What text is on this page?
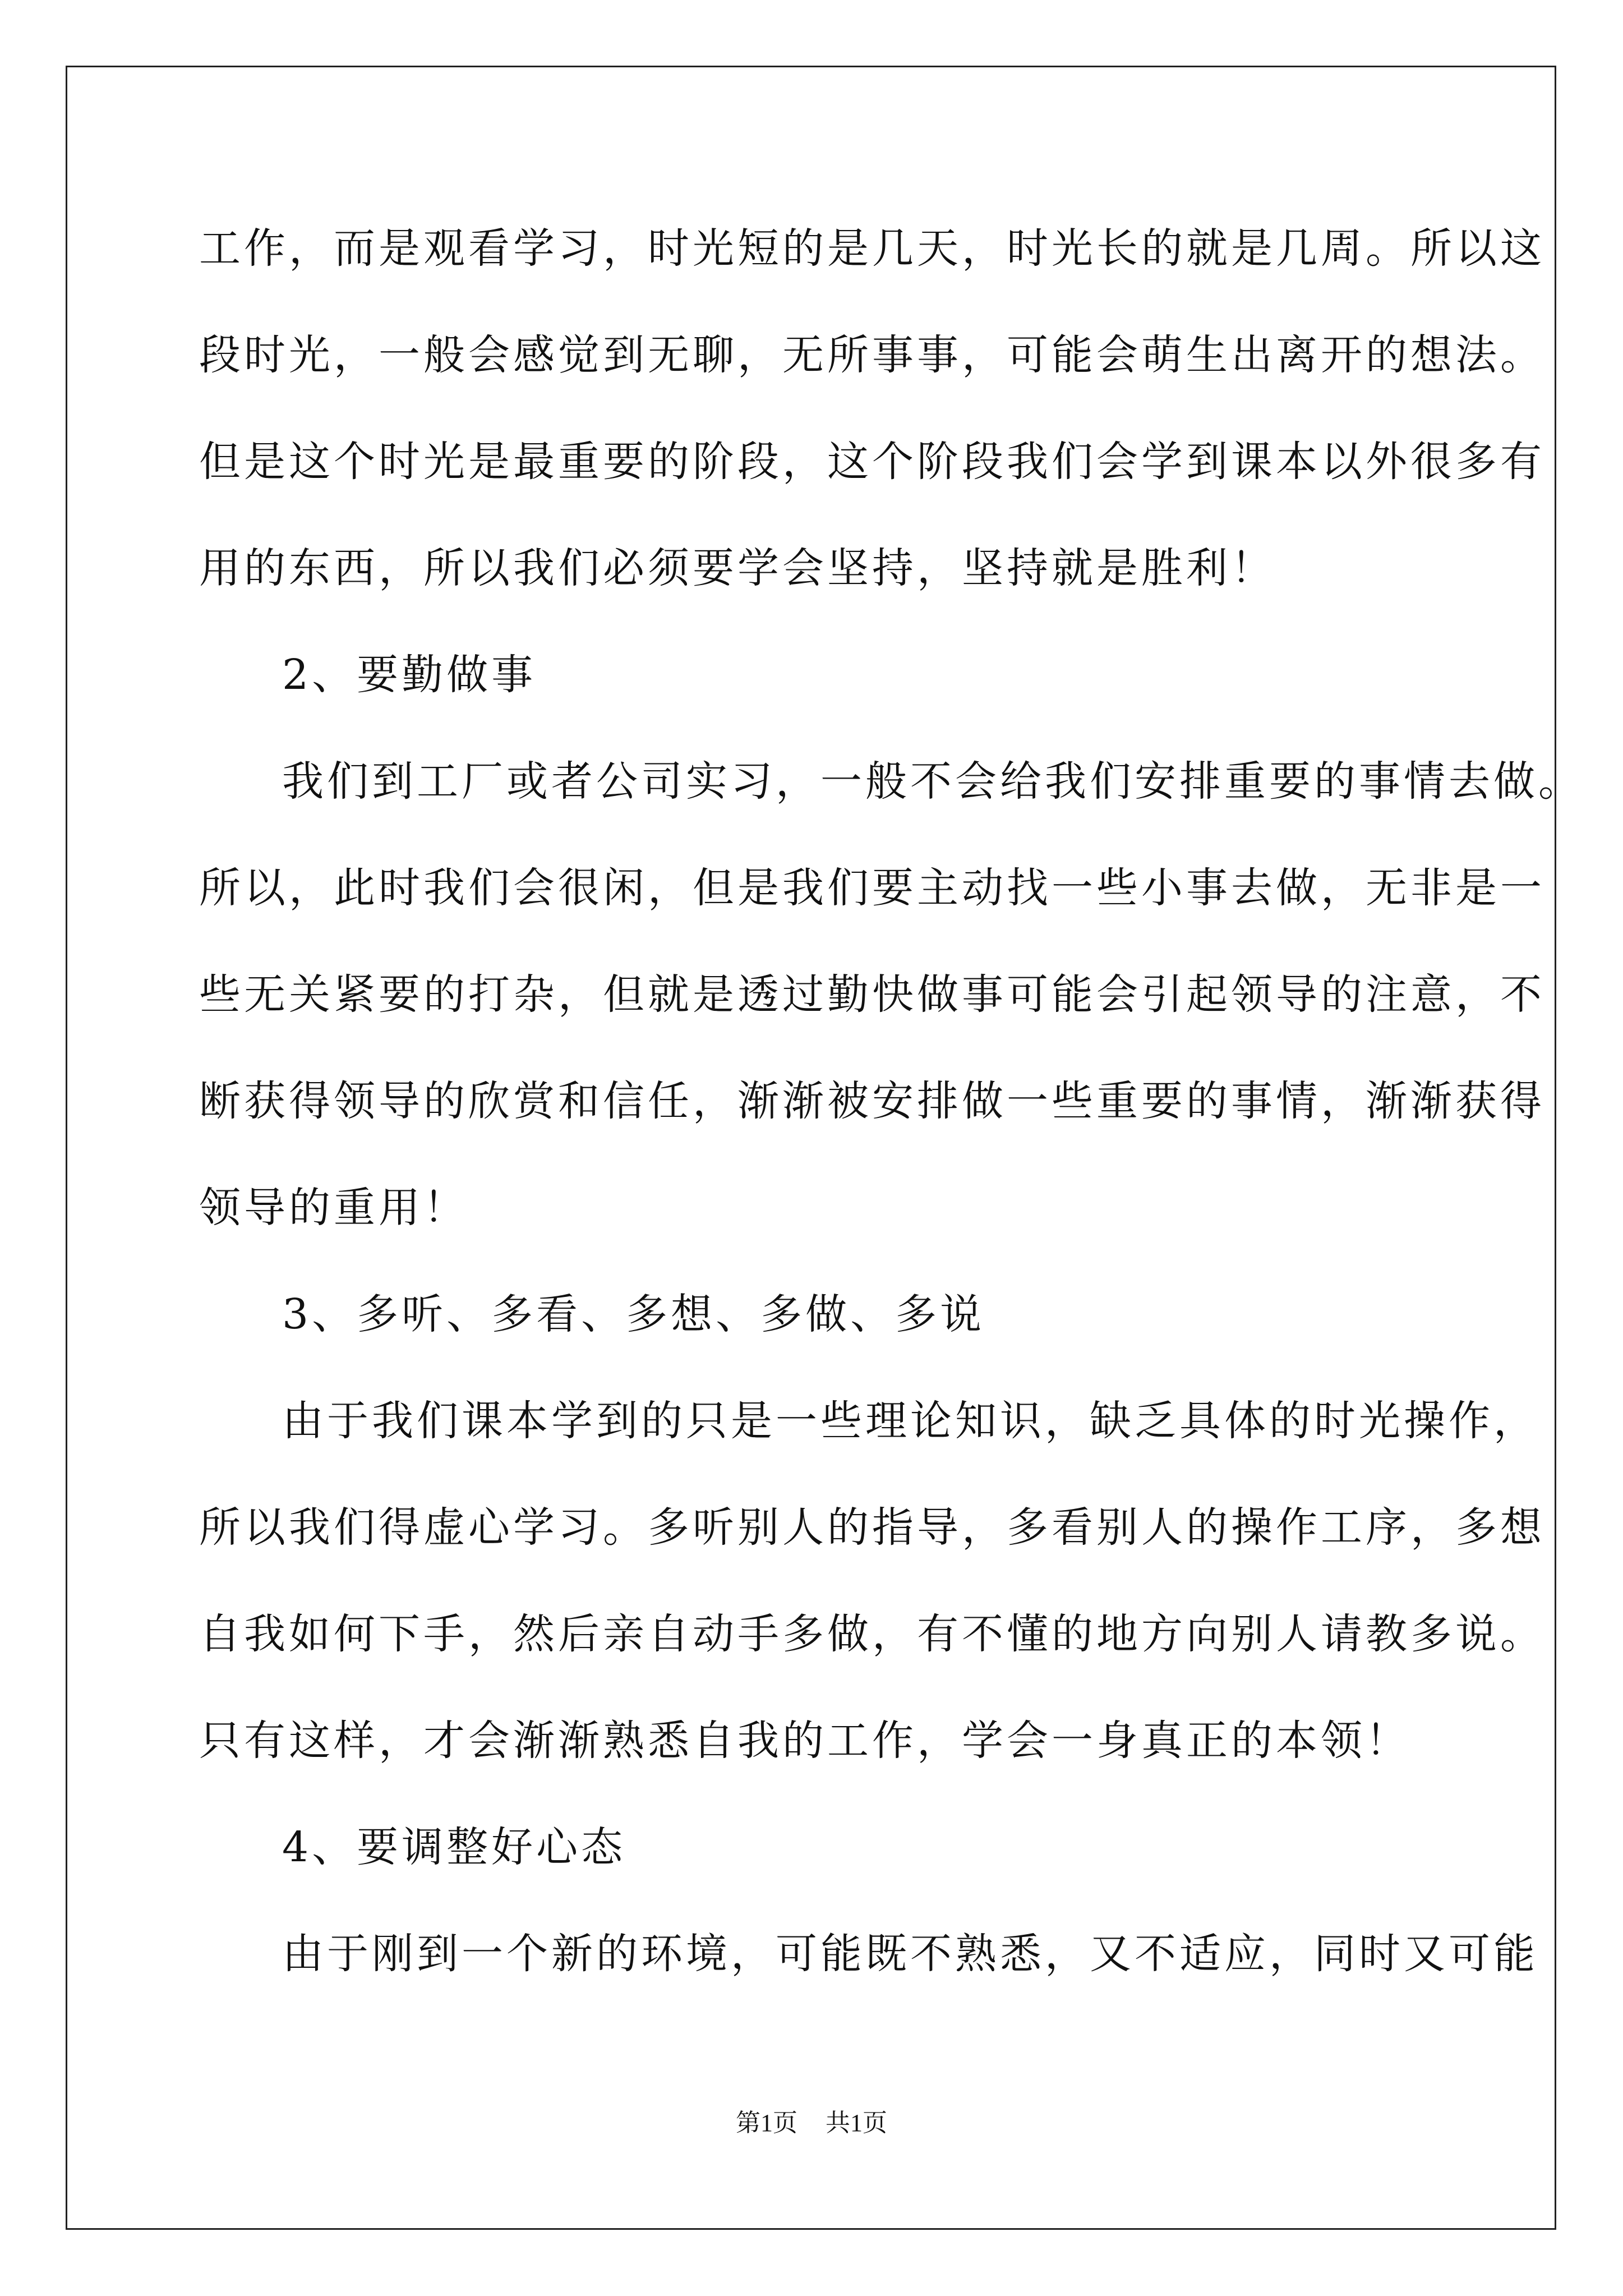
工作，而是观看学习，时光短的是几天，时光长的就是几周。所以这
段时光，一般会感觉到无聊，无所事事，可能会萌生出离开的想法。
但是这个时光是最重要的阶段，这个阶段我们会学到课本以外很多有
用的东西，所以我们必须要学会坚持，坚持就是胜利！
2、要勤做事
我们到工厂或者公司实习，一般不会给我们安排重要的事情去做。
所以，此时我们会很闲，但是我们要主动找一些小事去做，无非是一
些无关紧要的打杂，但就是透过勤快做事可能会引起领导的注意，不
断获得领导的欣赏和信任，渐渐被安排做一些重要的事情，渐渐获得
领导的重用！
3、多听、多看、多想、多做、多说
由于我们课本学到的只是一些理论知识，缺乏具体的时光操作，
所以我们得虚心学习。多听别人的指导，多看别人的操作工序，多想
自我如何下手，然后亲自动手多做，有不懂的地方向别人请教多说。
只有这样，才会渐渐熟悉自我的工作，学会一身真正的本领！
4、要调整好心态
由于刚到一个新的环境，可能既不熟悉，又不适应，同时又可能
第1页 共1页
